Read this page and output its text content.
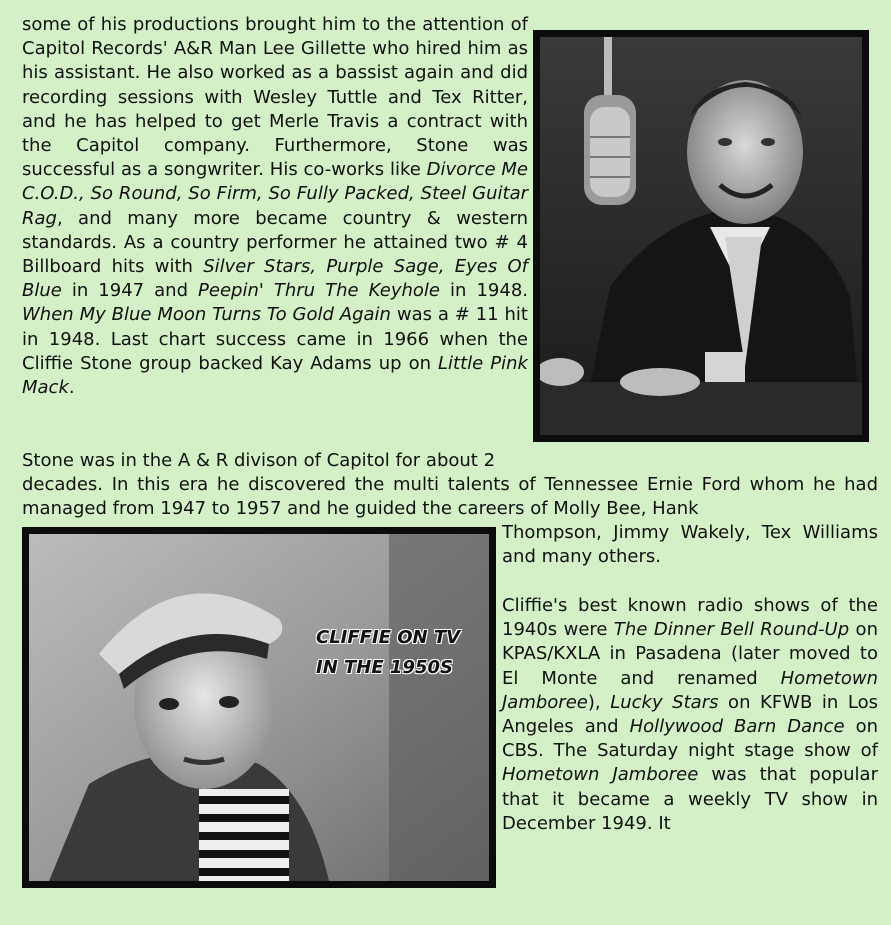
some of his productions brought him to the attention of Capitol Records' A&R Man Lee Gillette who hired him as his assistant. He also worked as a bassist again and did recording sessions with Wesley Tuttle and Tex Ritter, and he has helped to get Merle Travis a contract with the Capitol company. Furthermore, Stone was successful as a songwriter. His co-works like Divorce Me C.O.D., So Round, So Firm, So Fully Packed, Steel Guitar Rag, and many more became country & western standards. As a country performer he attained two # 4 Billboard hits with Silver Stars, Purple Sage, Eyes Of Blue in 1947 and Peepin' Thru The Keyhole in 1948. When My Blue Moon Turns To Gold Again was a # 11 hit in 1948. Last chart success came in 1966 when the Cliffie Stone group backed Kay Adams up on Little Pink Mack.

Stone was in the A & R divison of Capitol for about 2

decades. In this era he discovered the multi talents of Tennessee Ernie Ford whom he had managed from 1947 to 1957 and he guided the careers of Molly Bee, Hank

CLIFFIE ON TV
IN THE 1950S

Thompson, Jimmy Wakely, Tex Williams and many others.

Cliffie's best known radio shows of the 1940s were The Dinner Bell Round-Up on KPAS/KXLA in Pasadena (later moved to El Monte and renamed Hometown Jamboree), Lucky Stars on KFWB in Los Angeles and Hollywood Barn Dance on CBS. The Saturday night stage show of Hometown Jamboree was that popular that it became a weekly TV show in December 1949. It
